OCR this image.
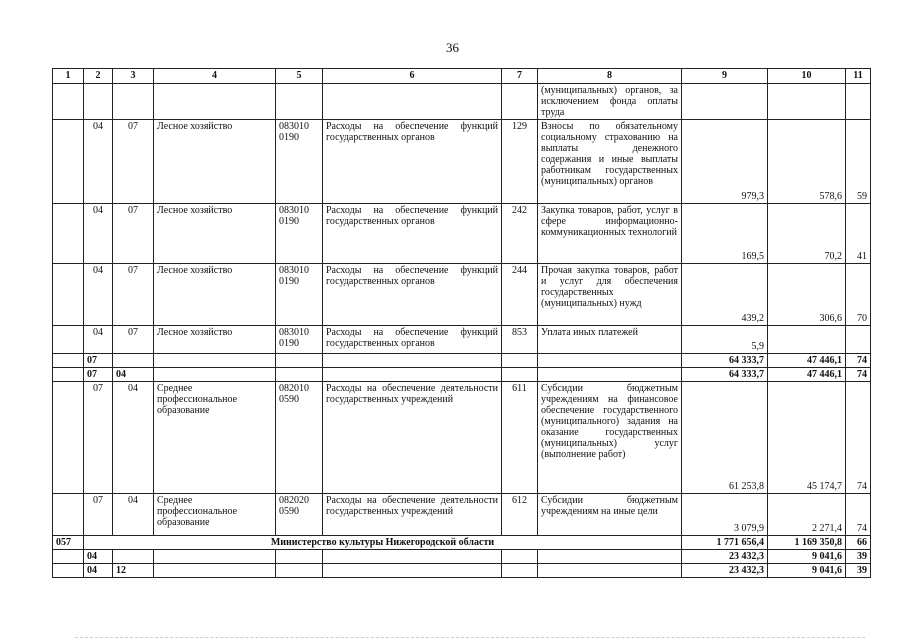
36
1	2	3	4	5	6	7	8	9	10	11
							(муниципальных) органов, за исключением фонда оплаты труда			
	04	07	Лесное хозяйство	083010 0190	Расходы на обеспечение функций государственных органов	129	Взносы по обязательному социальному страхованию на выплаты денежного содержания и иные выплаты работникам государственных (муниципальных) органов	979,3	578,6	59
	04	07	Лесное хозяйство	083010 0190	Расходы на обеспечение функций государственных органов	242	Закупка товаров, работ, услуг в сфере информационно-коммуникационных технологий	169,5	70,2	41
	04	07	Лесное хозяйство	083010 0190	Расходы на обеспечение функций государственных органов	244	Прочая закупка товаров, работ и услуг для обеспечения государственных (муниципальных) нужд	439,2	306,6	70
	04	07	Лесное хозяйство	083010 0190	Расходы на обеспечение функций государственных органов	853	Уплата иных платежей	5,9		
	07							64 333,7	47 446,1	74
	07	04						64 333,7	47 446,1	74
	07	04	Среднее профессиональное образование	082010 0590	Расходы на обеспечение деятельности государственных учреждений	611	Субсидии бюджетным учреждениям на финансовое обеспечение государственного (муниципального) задания на оказание государственных (муниципальных) услуг (выполнение работ)	61 253,8	45 174,7	74
	07	04	Среднее профессиональное образование	082020 0590	Расходы на обеспечение деятельности государственных учреждений	612	Субсидии бюджетным учреждениям на иные цели	3 079,9	2 271,4	74
057	Министерство культуры Нижегородской области							1 771 656,4	1 169 350,8	66
	04							23 432,3	9 041,6	39
	04	12						23 432,3	9 041,6	39
